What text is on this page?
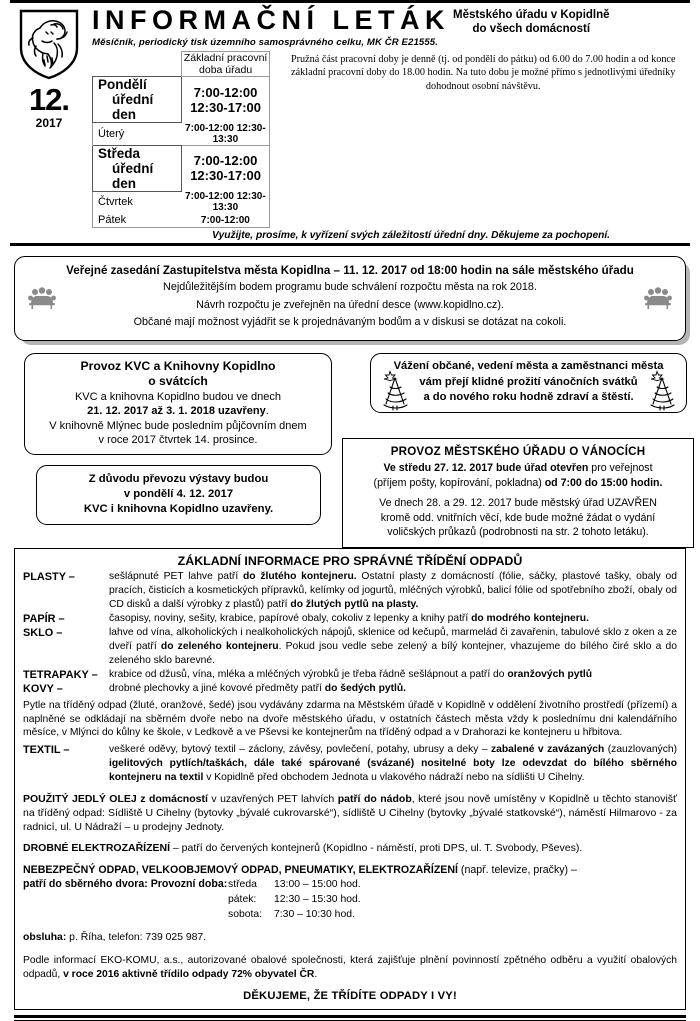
12.
2017
INFORMAČNÍ LETÁK Městského úřadu v Kopidlně
do všech domácností
Měsíčník, periodický tisk územního samosprávného celku, MK ČR E21555.
	Základní pracovní doba úřadu
Pondělíúřední den	7:00-12:00 12:30-17:00
Úterý	7:00-12:00 12:30-13:30
Středaúřední den	7:00-12:00 12:30-17:00
Čtvrtek	7:00-12:00 12:30-13:30
Pátek	7:00-12:00
Pružná část pracovní doby je denně (tj. od pondělí do pátku) od 6.00 do 7.00 hodin a od konce základní pracovní doby do 18.00 hodin. Na tuto dobu je možné přímo s jednotlivými úředníky dohodnout osobní návštěvu.
Využijte, prosíme, k vyřízení svých záležitostí úřední dny. Děkujeme za pochopení.
Veřejné zasedání Zastupitelstva města Kopidlna – 11. 12. 2017 od 18:00 hodin na sále městského úřadu
Nejdůležitějším bodem programu bude schválení rozpočtu města na rok 2018.
Návrh rozpočtu je zveřejněn na úřední desce (www.kopidlno.cz).
Občané mají možnost vyjádřit se k projednávaným bodům a v diskusi se dotázat na cokoli.
Provoz KVC a Knihovny Kopidlno
o svátcích
KVC a knihovna Kopidlno budou ve dnech
21. 12. 2017 až 3. 1. 2018 uzavřeny.
V knihovně Mlýnec bude posledním půjčovním dnem
v roce 2017 čtvrtek 14. prosince.
Z důvodu převozu výstavy budou
v pondělí 4. 12. 2017
KVC i knihovna Kopidlno uzavřeny.
Vážení občané, vedení města a zaměstnanci města
vám přejí klidné prožití vánočních svátků
a do nového roku hodně zdraví a štěstí.
PROVOZ MĚSTSKÉHO ÚŘADU O VÁNOCÍCH
Ve středu 27. 12. 2017 bude úřad otevřen pro veřejnost
(příjem pošty, kopírování, pokladna) od 7:00 do 15:00 hodin.
Ve dnech 28. a 29. 12. 2017 bude městský úřad UZAVŘEN
kromě odd. vnitřních věcí, kde bude možné žádat o vydání
voličských průkazů (podrobnosti na str. 2 tohoto letáku).
ZÁKLADNÍ INFORMACE PRO SPRÁVNÉ TŘÍDĚNÍ ODPADŮ
PLASTY –	sešlápnuté PET lahve patří do žlutého kontejneru. Ostatní plasty z domácností (fólie, sáčky, plastové tašky, obaly od pracích, čisticích a kosmetických přípravků, kelímky od jogurtů, mléčných výrobků, balicí fólie od spotřebního zboží, obaly od CD disků a další výrobky z plastů) patří do žlutých pytlů na plasty.
PAPÍR –	časopisy, noviny, sešity, krabice, papírové obaly, cokoliv z lepenky a knihy patří do modrého kontejneru.
SKLO –	lahve od vína, alkoholických i nealkoholických nápojů, sklenice od kečupů, marmelád či zavařenin, tabulové sklo z oken a ze dveří patří do zeleného kontejneru. Pokud jsou vedle sebe zelený a bílý kontejner, vhazujeme do bílého čiré sklo a do zeleného sklo barevné.
TETRAPAKY –	krabice od džusů, vína, mléka a mléčných výrobků je třeba řádně sešlápnout a patří do oranžových pytlů
KOVY –	drobné plechovky a jiné kovové předměty patří do šedých pytlů.
Pytle na tříděný odpad (žluté, oranžové, šedé) jsou vydávány zdarma na Městském úřadě v Kopidlně v oddělení životního prostředí (přízemí) a naplněné se odkládají na sběrném dvoře nebo na dvoře městského úřadu, v ostatních částech města vždy k poslednímu dni kalendářního měsíce, v Mlýnci do kůlny ke škole, v Ledkově a ve Pševsi ke kontejnerům na tříděný odpad a v Drahorazi ke kontejneru u hřbitova.
TEXTIL –	veškeré oděvy, bytový textil – záclony, závěsy, povlečení, potahy, ubrusy a deky – zabalené v zavázaných (zauzlovaných) igelitových pytlích/taškách, dále také spárované (svázané) nositelné boty lze odevzdat do bílého sběrného kontejneru na textil v Kopidlně před obchodem Jednota u vlakového nádraží nebo na sídlišti U Cihelny.
POUŽITÝ JEDLÝ OLEJ z domácností v uzavřených PET lahvích patří do nádob, které jsou nově umístěny v Kopidlně u těchto stanovišť na tříděný odpad: Sídliště U Cihelny (bytovky „bývalé cukrovarské“), sídliště U Cihelny (bytovky „bývalé statkovské“), náměstí Hilmarovo - za radnicí, ul. U Nádraží – u prodejny Jednoty.
DROBNÉ ELEKTROZAŘÍZENÍ – patří do červených kontejnerů (Kopidlno - náměstí, proti DPS, ul. T. Svobody, Pševes).
NEBEZPEČNÝ ODPAD, VELKOOBJEMOVÝ ODPAD, PNEUMATIKY, ELEKTROZAŘÍZENÍ (např. televize, pračky) –
patří do sběrného dvora: Provozní doba: středa 13:00 – 15:00 hod.
pátek: 12:30 – 15:30 hod.
sobota: 7:30 – 10:30 hod.
obsluha: p. Říha, telefon: 739 025 987.
Podle informací EKO-KOMU, a.s., autorizované obalové společnosti, která zajišťuje plnění povinností zpětného odběru a využití obalových odpadů, v roce 2016 aktivně třídilo odpady 72% obyvatel ČR.
DĚKUJEME, ŽE TŘÍDÍTE ODPADY I VY!
